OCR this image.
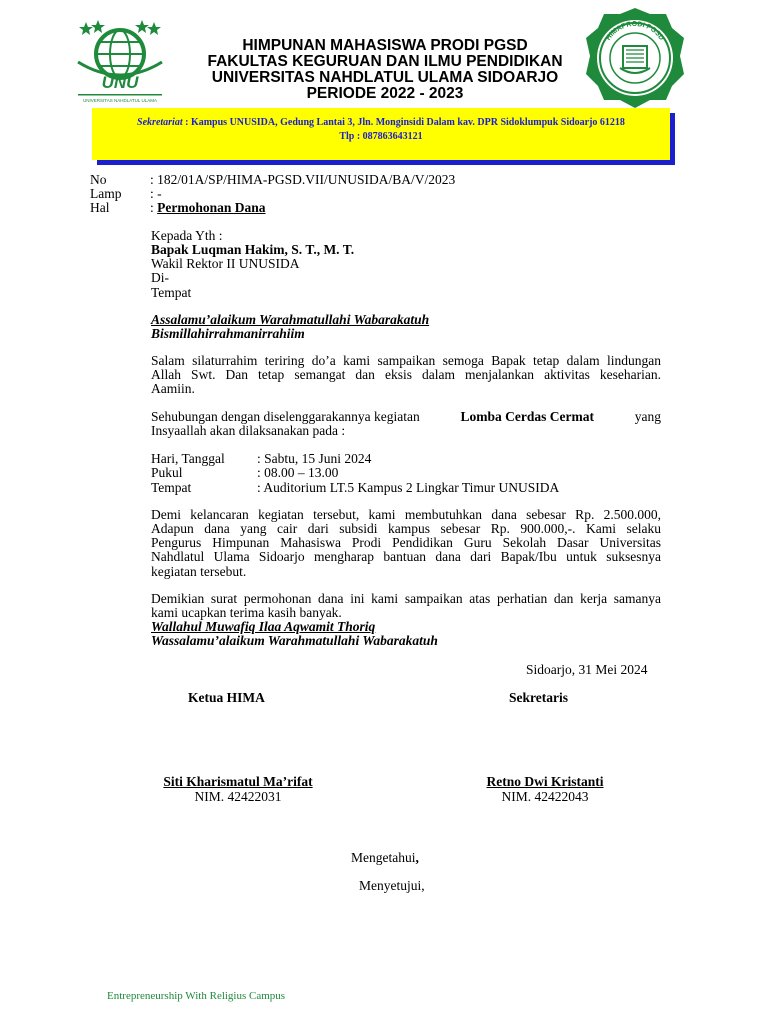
UNU
UNIVERSITAS NAHDLATUL ULAMA
HIMAPRODI PGSD
HIMPUNAN MAHASISWA PRODI PGSD
FAKULTAS KEGURUAN DAN ILMU PENDIDIKAN
UNIVERSITAS NAHDLATUL ULAMA SIDOARJO
PERIODE 2022 - 2023
Sekretariat : Kampus UNUSIDA, Gedung Lantai 3, Jln. Monginsidi Dalam kav. DPR Sidoklumpuk Sidoarjo 61218
Tlp : 087863643121
No	: 182/01A/SP/HIMA-PGSD.VII/UNUSIDA/BA/V/2023
Lamp : -
Hal	: Permohonan Dana
Kepada Yth :
Bapak Luqman Hakim, S. T., M. T.
Wakil Rektor II UNUSIDA
Di-
Tempat
Assalamu’alaikum Warahmatullahi Wabarakatuh
Bismillahirrahmanirrahiim
Salam silaturrahim teriring do’a kami sampaikan semoga Bapak tetap dalam lindungan
Allah Swt. Dan tetap semangat dan eksis dalam menjalankan aktivitas keseharian.
Aamiin.
Sehubungan dengan diselenggarakannya kegiatan	Lomba Cerdas Cermat	yang
Insyaallah akan dilaksanakan pada :
Hari, Tanggal : Sabtu, 15 Juni 2024
Pukul	: 08.00 – 13.00
Tempat	: Auditorium LT.5 Kampus 2 Lingkar Timur UNUSIDA
Demi kelancaran kegiatan tersebut, kami membutuhkan dana sebesar Rp. 2.500.000,
Adapun dana yang cair dari subsidi kampus sebesar Rp. 900.000,-. Kami selaku
Pengurus Himpunan Mahasiswa Prodi Pendidikan Guru Sekolah Dasar Universitas
Nahdlatul Ulama Sidoarjo mengharap bantuan dana dari Bapak/Ibu untuk suksesnya
kegiatan tersebut.
Demikian surat permohonan dana ini kami sampaikan atas perhatian dan kerja samanya
kami ucapkan terima kasih banyak.
Wallahul Muwafiq Ilaa Aqwamit Thoriq
Wassalamu’alaikum Warahmatullahi Wabarakatuh
Sidoarjo, 31 Mei 2024
Ketua HIMA	Sekretaris
Siti Kharismatul Ma’rifat
NIM. 42422031
Retno Dwi Kristanti
NIM. 42422043
Mengetahui,
Menyetujui,
Entrepreneurship With Religius Campus
